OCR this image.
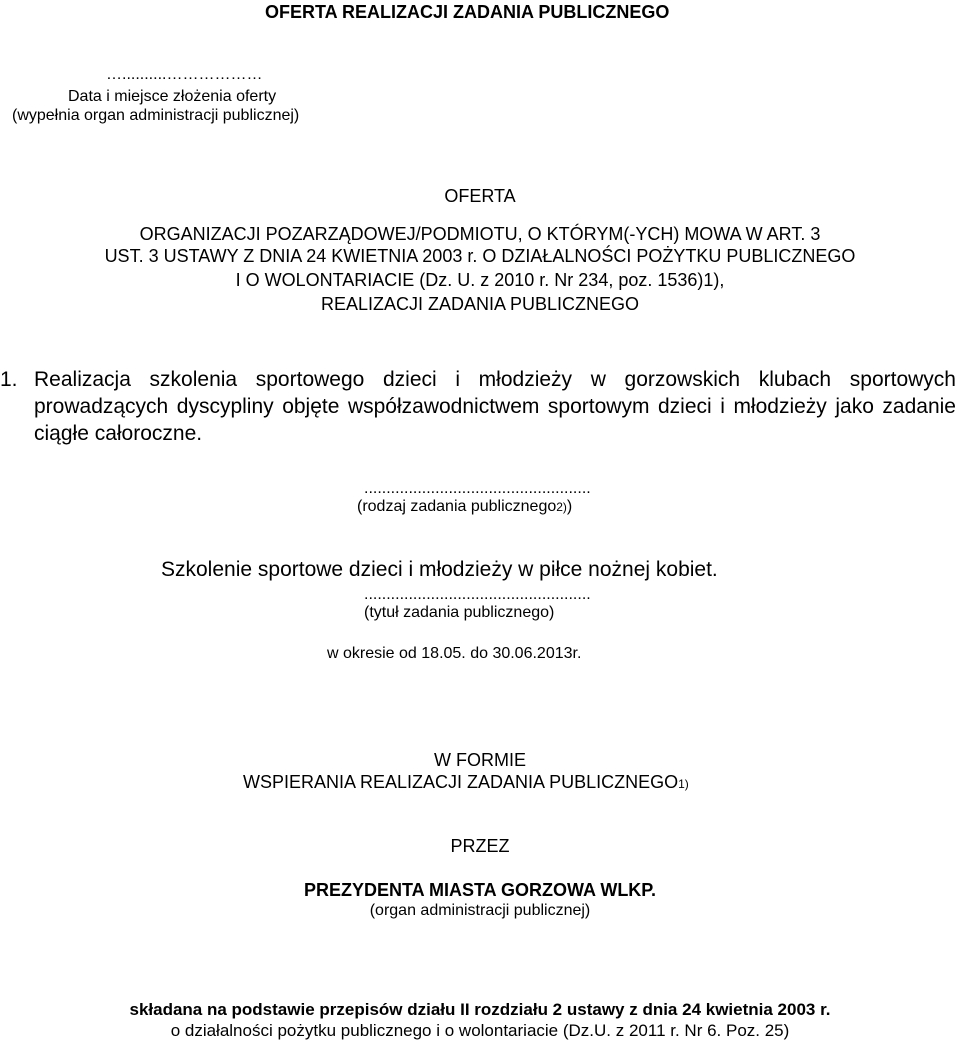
OFERTA REALIZACJI ZADANIA PUBLICZNEGO
…..........………………
Data i miejsce złożenia oferty
(wypełnia organ administracji publicznej)
OFERTA
ORGANIZACJI POZARZĄDOWEJ/PODMIOTU, O KTÓRYM(-YCH) MOWA W ART. 3
UST. 3 USTAWY Z DNIA 24 KWIETNIA 2003 r. O DZIAŁALNOŚCI POŻYTKU PUBLICZNEGO
I O WOLONTARIACIE (Dz. U. z 2010 r. Nr 234, poz. 1536)1),
REALIZACJI ZADANIA PUBLICZNEGO
1. Realizacja szkolenia sportowego dzieci i młodzieży w gorzowskich klubach sportowych prowadzących dyscypliny objęte współzawodnictwem sportowym dzieci i młodzieży jako zadanie ciągłe całoroczne.
...................................................
(rodzaj zadania publicznego2))
Szkolenie sportowe dzieci i młodzieży w piłce nożnej kobiet.
...................................................
(tytuł zadania publicznego)
w okresie od 18.05. do 30.06.2013r.
W FORMIE
WSPIERANIA REALIZACJI ZADANIA PUBLICZNEGO1)
PRZEZ
PREZYDENTA MIASTA GORZOWA WLKP.
(organ administracji publicznej)
składana na podstawie przepisów działu II rozdziału 2 ustawy z dnia 24 kwietnia 2003 r.
o działalności pożytku publicznego i o wolontariacie (Dz.U. z 2011 r. Nr 6. Poz. 25)
